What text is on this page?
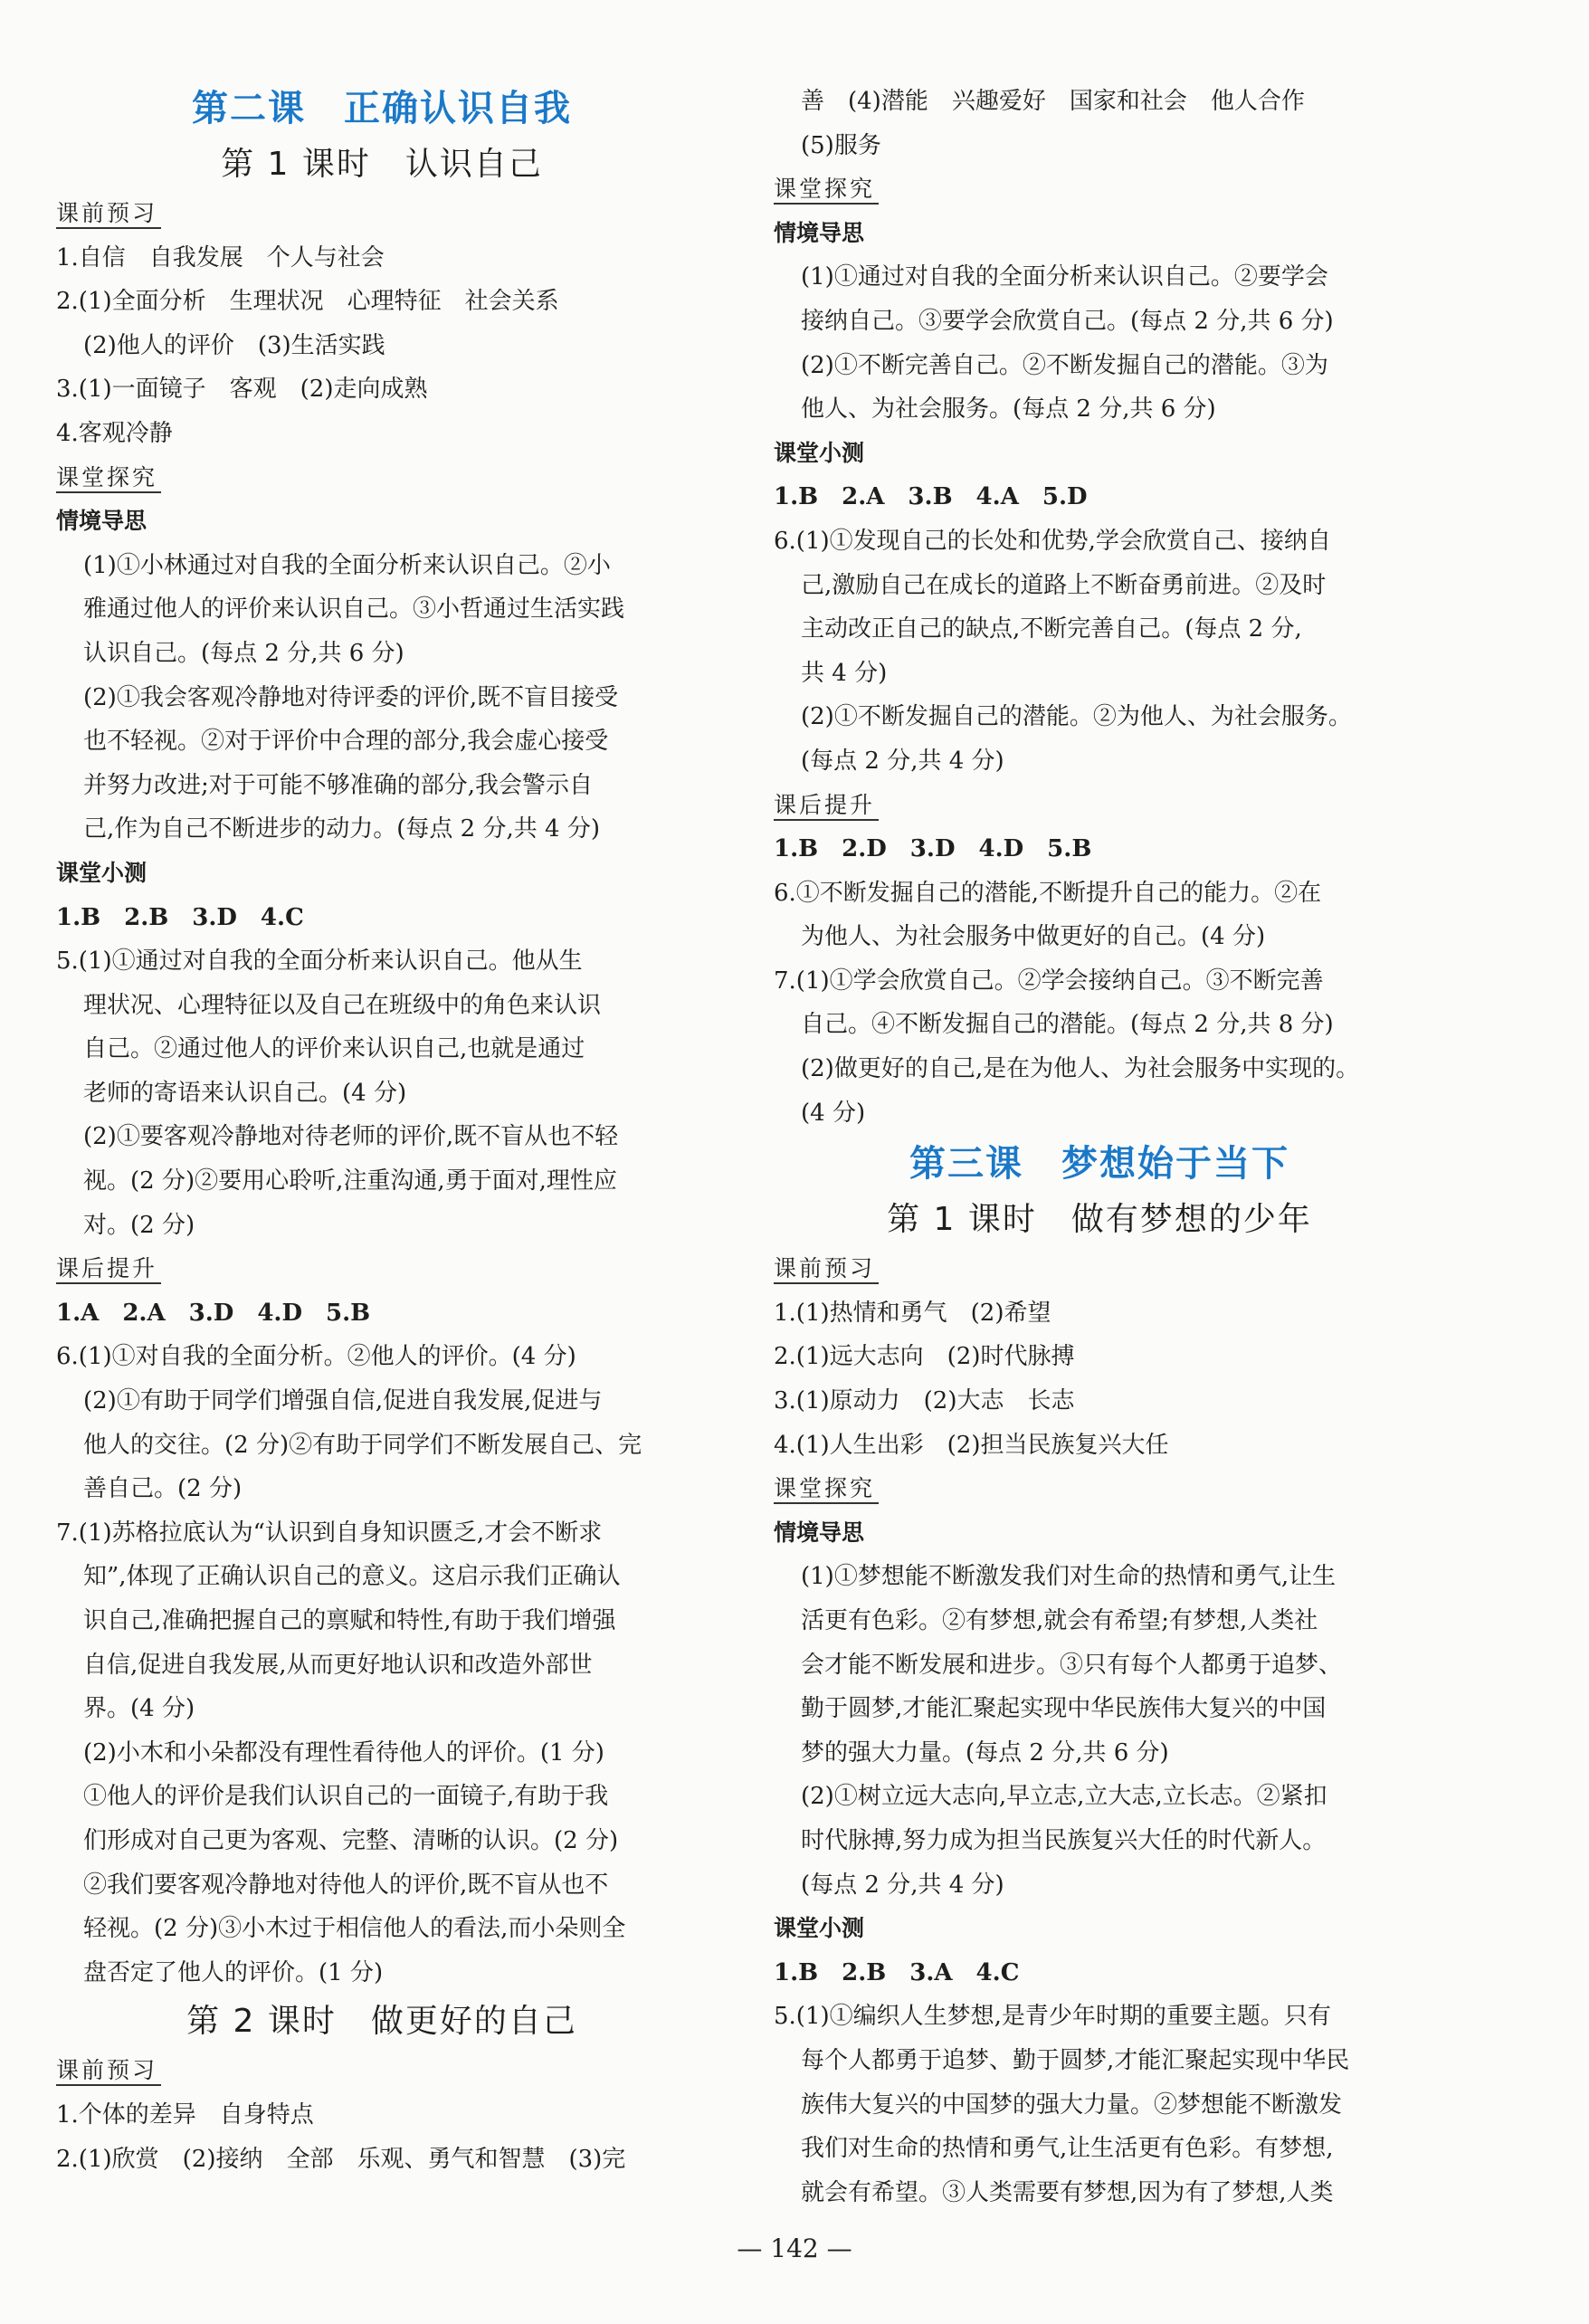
第二课　正确认识自我
第 1 课时　认识自己
课前预习
1.自信　自我发展　个人与社会
2.(1)全面分析　生理状况　心理特征　社会关系
(2)他人的评价　(3)生活实践
3.(1)一面镜子　客观　(2)走向成熟
4.客观冷静
课堂探究
情境导思
(1)①小林通过对自我的全面分析来认识自己。②小
雅通过他人的评价来认识自己。③小哲通过生活实践
认识自己。(每点 2 分,共 6 分)
(2)①我会客观冷静地对待评委的评价,既不盲目接受
也不轻视。②对于评价中合理的部分,我会虚心接受
并努力改进;对于可能不够准确的部分,我会警示自
己,作为自己不断进步的动力。(每点 2 分,共 4 分)
课堂小测
1.B　2.B　3.D　4.C
5.(1)①通过对自我的全面分析来认识自己。他从生
理状况、心理特征以及自己在班级中的角色来认识
自己。②通过他人的评价来认识自己,也就是通过
老师的寄语来认识自己。(4 分)
(2)①要客观冷静地对待老师的评价,既不盲从也不轻
视。(2 分)②要用心聆听,注重沟通,勇于面对,理性应
对。(2 分)
课后提升
1.A　2.A　3.D　4.D　5.B
6.(1)①对自我的全面分析。②他人的评价。(4 分)
(2)①有助于同学们增强自信,促进自我发展,促进与
他人的交往。(2 分)②有助于同学们不断发展自己、完
善自己。(2 分)
7.(1)苏格拉底认为“认识到自身知识匮乏,才会不断求
知”,体现了正确认识自己的意义。这启示我们正确认
识自己,准确把握自己的禀赋和特性,有助于我们增强
自信,促进自我发展,从而更好地认识和改造外部世
界。(4 分)
(2)小木和小朵都没有理性看待他人的评价。(1 分)
①他人的评价是我们认识自己的一面镜子,有助于我
们形成对自己更为客观、完整、清晰的认识。(2 分)
②我们要客观冷静地对待他人的评价,既不盲从也不
轻视。(2 分)③小木过于相信他人的看法,而小朵则全
盘否定了他人的评价。(1 分)
第 2 课时　做更好的自己
课前预习
1.个体的差异　自身特点
2.(1)欣赏　(2)接纳　全部　乐观、勇气和智慧　(3)完
善　(4)潜能　兴趣爱好　国家和社会　他人合作
(5)服务
课堂探究
情境导思
(1)①通过对自我的全面分析来认识自己。②要学会
接纳自己。③要学会欣赏自己。(每点 2 分,共 6 分)
(2)①不断完善自己。②不断发掘自己的潜能。③为
他人、为社会服务。(每点 2 分,共 6 分)
课堂小测
1.B　2.A　3.B　4.A　5.D
6.(1)①发现自己的长处和优势,学会欣赏自己、接纳自
己,激励自己在成长的道路上不断奋勇前进。②及时
主动改正自己的缺点,不断完善自己。(每点 2 分,
共 4 分)
(2)①不断发掘自己的潜能。②为他人、为社会服务。
(每点 2 分,共 4 分)
课后提升
1.B　2.D　3.D　4.D　5.B
6.①不断发掘自己的潜能,不断提升自己的能力。②在
为他人、为社会服务中做更好的自己。(4 分)
7.(1)①学会欣赏自己。②学会接纳自己。③不断完善
自己。④不断发掘自己的潜能。(每点 2 分,共 8 分)
(2)做更好的自己,是在为他人、为社会服务中实现的。
(4 分)
第三课　梦想始于当下
第 1 课时　做有梦想的少年
课前预习
1.(1)热情和勇气　(2)希望
2.(1)远大志向　(2)时代脉搏
3.(1)原动力　(2)大志　长志
4.(1)人生出彩　(2)担当民族复兴大任
课堂探究
情境导思
(1)①梦想能不断激发我们对生命的热情和勇气,让生
活更有色彩。②有梦想,就会有希望;有梦想,人类社
会才能不断发展和进步。③只有每个人都勇于追梦、
勤于圆梦,才能汇聚起实现中华民族伟大复兴的中国
梦的强大力量。(每点 2 分,共 6 分)
(2)①树立远大志向,早立志,立大志,立长志。②紧扣
时代脉搏,努力成为担当民族复兴大任的时代新人。
(每点 2 分,共 4 分)
课堂小测
1.B　2.B　3.A　4.C
5.(1)①编织人生梦想,是青少年时期的重要主题。只有
每个人都勇于追梦、勤于圆梦,才能汇聚起实现中华民
族伟大复兴的中国梦的强大力量。②梦想能不断激发
我们对生命的热情和勇气,让生活更有色彩。有梦想,
就会有希望。③人类需要有梦想,因为有了梦想,人类
— 142 —
